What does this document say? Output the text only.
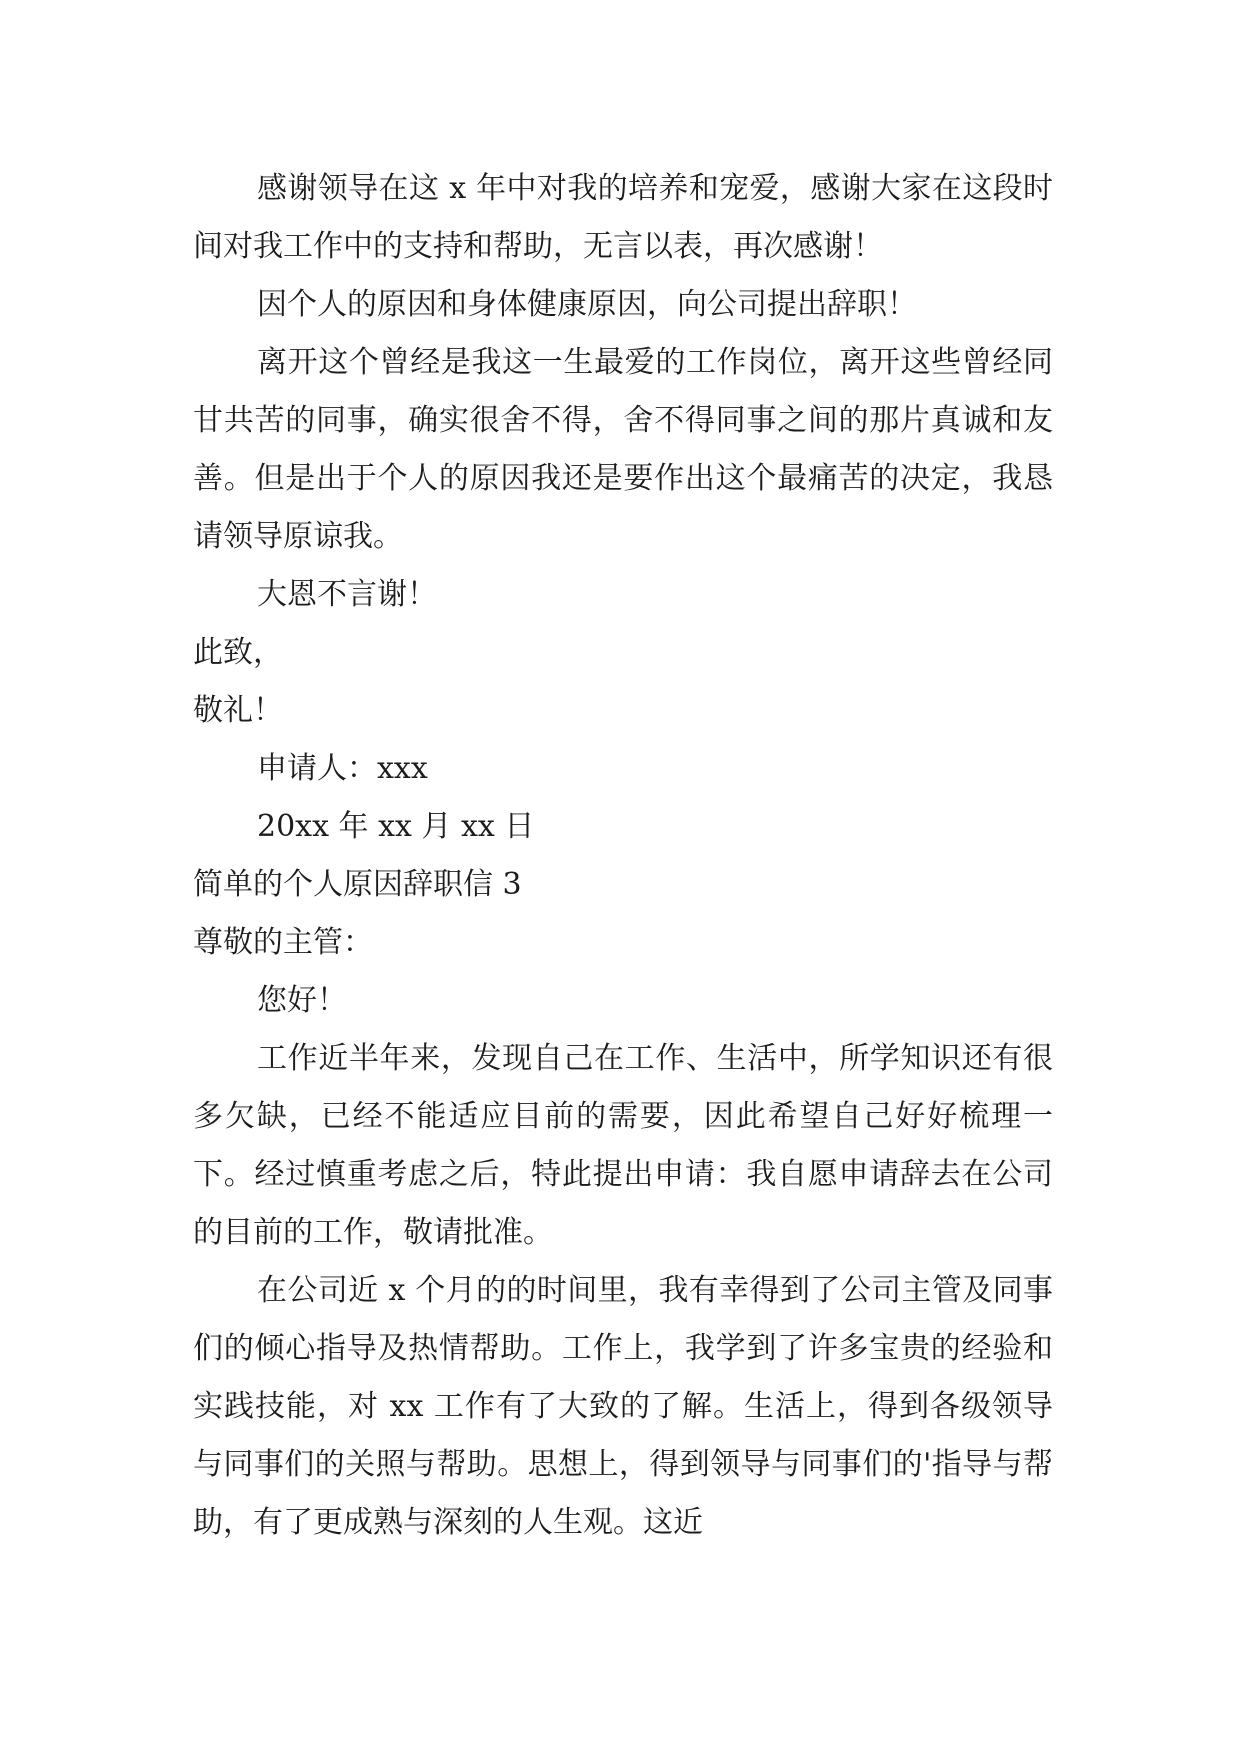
感谢领导在这 x 年中对我的培养和宠爱，感谢大家在这段时间对我工作中的支持和帮助，无言以表，再次感谢！

因个人的原因和身体健康原因，向公司提出辞职！

离开这个曾经是我这一生最爱的工作岗位，离开这些曾经同甘共苦的同事，确实很舍不得，舍不得同事之间的那片真诚和友善。但是出于个人的原因我还是要作出这个最痛苦的决定，我恳请领导原谅我。

大恩不言谢！

此致，

敬礼！

申请人：xxx

20xx 年 xx 月 xx 日

简单的个人原因辞职信 3

尊敬的主管：

您好！

工作近半年来，发现自己在工作、生活中，所学知识还有很多欠缺，已经不能适应目前的需要，因此希望自己好好梳理一下。经过慎重考虑之后，特此提出申请：我自愿申请辞去在公司的目前的工作，敬请批准。

在公司近 x 个月的的时间里，我有幸得到了公司主管及同事们的倾心指导及热情帮助。工作上，我学到了许多宝贵的经验和实践技能，对 xx 工作有了大致的了解。生活上，得到各级领导与同事们的关照与帮助。思想上，得到领导与同事们的'指导与帮助，有了更成熟与深刻的人生观。这近
